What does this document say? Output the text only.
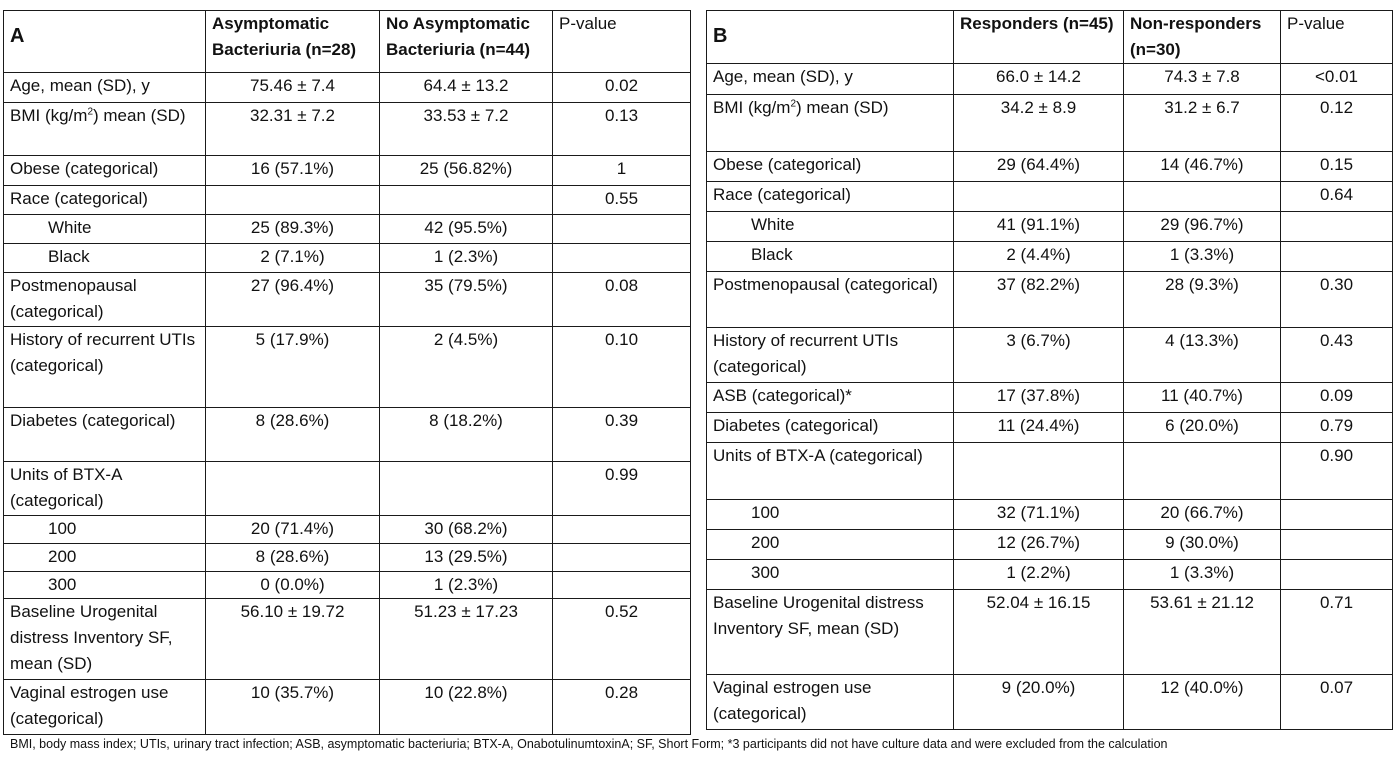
A	Asymptomatic Bacteriuria (n=28)	No Asymptomatic Bacteriuria (n=44)	P-value
Age, mean (SD), y	75.46 ± 7.4	64.4 ± 13.2	0.02
BMI $(kg/m^2)$ mean (SD)	32.31 ± 7.2	33.53 ± 7.2	0.13
Obese (categorical)	16 (57.1%)	25 (56.82%)	1
Race (categorical)			0.55
White	25 (89.3%)	42 (95.5%)	
Black	2 (7.1%)	1 (2.3%)	
Postmenopausal (categorical)	27 (96.4%)	35 (79.5%)	0.08
History of recurrent UTIs (categorical)	5 (17.9%)	2 (4.5%)	0.10
Diabetes (categorical)	8 (28.6%)	8 (18.2%)	0.39
Units of BTX-A (categorical)			0.99
100	20 (71.4%)	30 (68.2%)	
200	8 (28.6%)	13 (29.5%)	
300	0 (0.0%)	1 (2.3%)	
Baseline Urogenital distress Inventory SF, mean (SD)	56.10 ± 19.72	51.23 ± 17.23	0.52
Vaginal estrogen use (categorical)	10 (35.7%)	10 (22.8%)	0.28
B	Responders (n=45)	Non-responders (n=30)	P-value
Age, mean (SD), y	66.0 ± 14.2	74.3 ± 7.8	<0.01
BMI $(kg/m^2)$ mean (SD)	34.2 ± 8.9	31.2 ± 6.7	0.12
Obese (categorical)	29 (64.4%)	14 (46.7%)	0.15
Race (categorical)			0.64
White	41 (91.1%)	29 (96.7%)	
Black	2 (4.4%)	1 (3.3%)	
Postmenopausal (categorical)	37 (82.2%)	28 (9.3%)	0.30
History of recurrent UTIs (categorical)	3 (6.7%)	4 (13.3%)	0.43
ASB (categorical)*	17 (37.8%)	11 (40.7%)	0.09
Diabetes (categorical)	11 (24.4%)	6 (20.0%)	0.79
Units of BTX-A (categorical)			0.90
100	32 (71.1%)	20 (66.7%)	
200	12 (26.7%)	9 (30.0%)	
300	1 (2.2%)	1 (3.3%)	
Baseline Urogenital distress Inventory SF, mean (SD)	52.04 ± 16.15	53.61 ± 21.12	0.71
Vaginal estrogen use (categorical)	9 (20.0%)	12 (40.0%)	0.07
BMI, body mass index; UTIs, urinary tract infection; ASB, asymptomatic bacteriuria; BTX-A, OnabotulinumtoxinA; SF, Short Form; *3 participants did not have culture data and were excluded from the calculation
